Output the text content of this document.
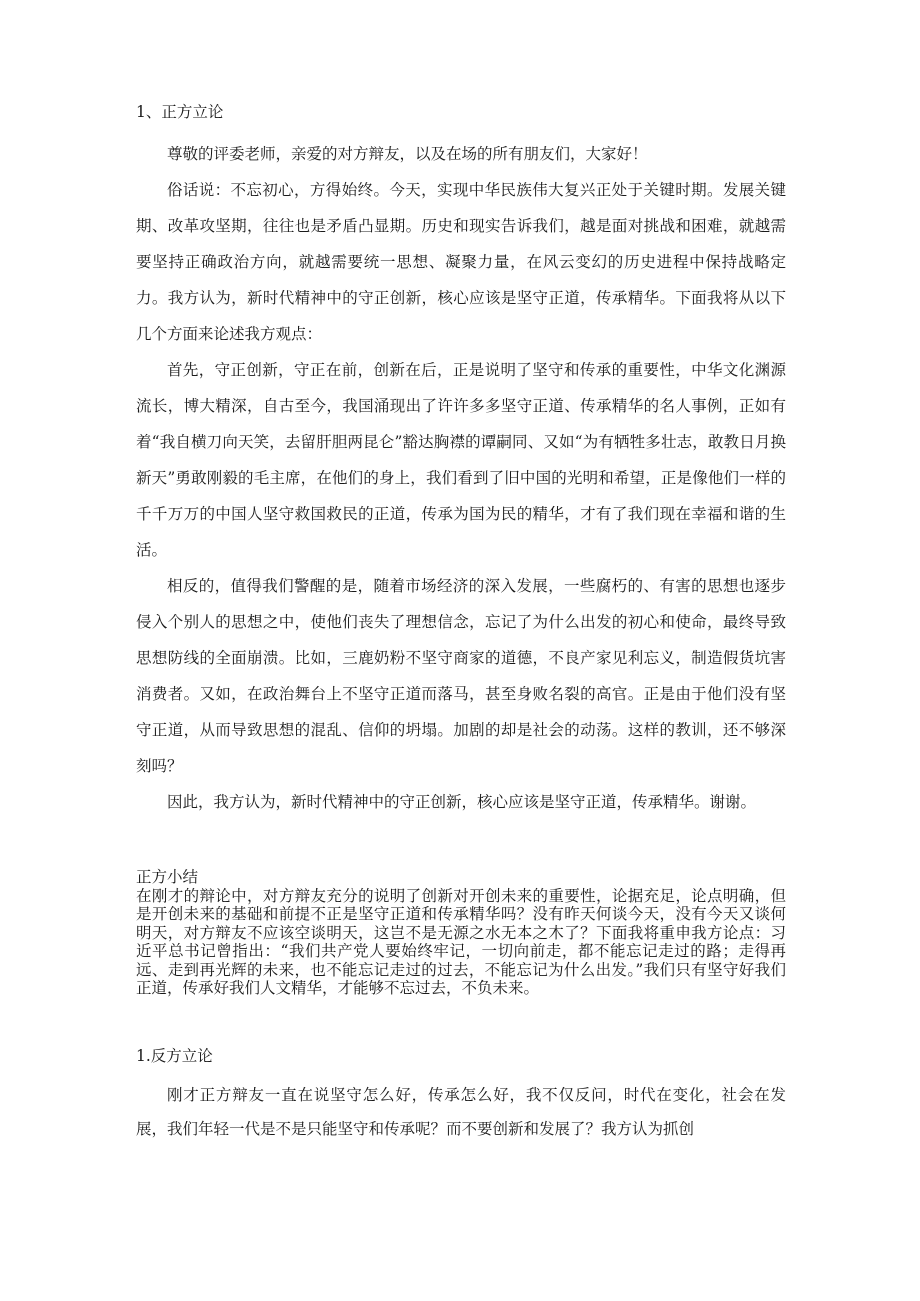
1、正方立论

尊敬的评委老师，亲爱的对方辩友，以及在场的所有朋友们，大家好！

俗话说：不忘初心，方得始终。今天，实现中华民族伟大复兴正处于关键时期。发展关键期、改革攻坚期，往往也是矛盾凸显期。历史和现实告诉我们，越是面对挑战和困难，就越需要坚持正确政治方向，就越需要统一思想、凝聚力量，在风云变幻的历史进程中保持战略定力。我方认为，新时代精神中的守正创新，核心应该是坚守正道，传承精华。下面我将从以下几个方面来论述我方观点：

首先，守正创新，守正在前，创新在后，正是说明了坚守和传承的重要性，中华文化渊源流长，博大精深，自古至今，我国涌现出了许许多多坚守正道、传承精华的名人事例，正如有着“我自横刀向天笑，去留肝胆两昆仑”豁达胸襟的谭嗣同、又如“为有牺牲多壮志，敢教日月换新天”勇敢刚毅的毛主席，在他们的身上，我们看到了旧中国的光明和希望，正是像他们一样的千千万万的中国人坚守救国救民的正道，传承为国为民的精华，才有了我们现在幸福和谐的生活。

相反的，值得我们警醒的是，随着市场经济的深入发展，一些腐朽的、有害的思想也逐步侵入个别人的思想之中，使他们丧失了理想信念，忘记了为什么出发的初心和使命，最终导致思想防线的全面崩溃。比如，三鹿奶粉不坚守商家的道德，不良产家见利忘义，制造假货坑害消费者。又如，在政治舞台上不坚守正道而落马，甚至身败名裂的高官。正是由于他们没有坚守正道，从而导致思想的混乱、信仰的坍塌。加剧的却是社会的动荡。这样的教训，还不够深刻吗？

因此，我方认为，新时代精神中的守正创新，核心应该是坚守正道，传承精华。谢谢。

正方小结

在刚才的辩论中，对方辩友充分的说明了创新对开创未来的重要性，论据充足，论点明确，但是开创未来的基础和前提不正是坚守正道和传承精华吗？没有昨天何谈今天，没有今天又谈何明天，对方辩友不应该空谈明天，这岂不是无源之水无本之木了？下面我将重申我方论点：习近平总书记曾指出：“我们共产党人要始终牢记，一切向前走，都不能忘记走过的路；走得再远、走到再光辉的未来，也不能忘记走过的过去，不能忘记为什么出发。”我们只有坚守好我们正道，传承好我们人文精华，才能够不忘过去，不负未来。

1.反方立论

刚才正方辩友一直在说坚守怎么好，传承怎么好，我不仅反问，时代在变化，社会在发展，我们年轻一代是不是只能坚守和传承呢？而不要创新和发展了？我方认为抓创
